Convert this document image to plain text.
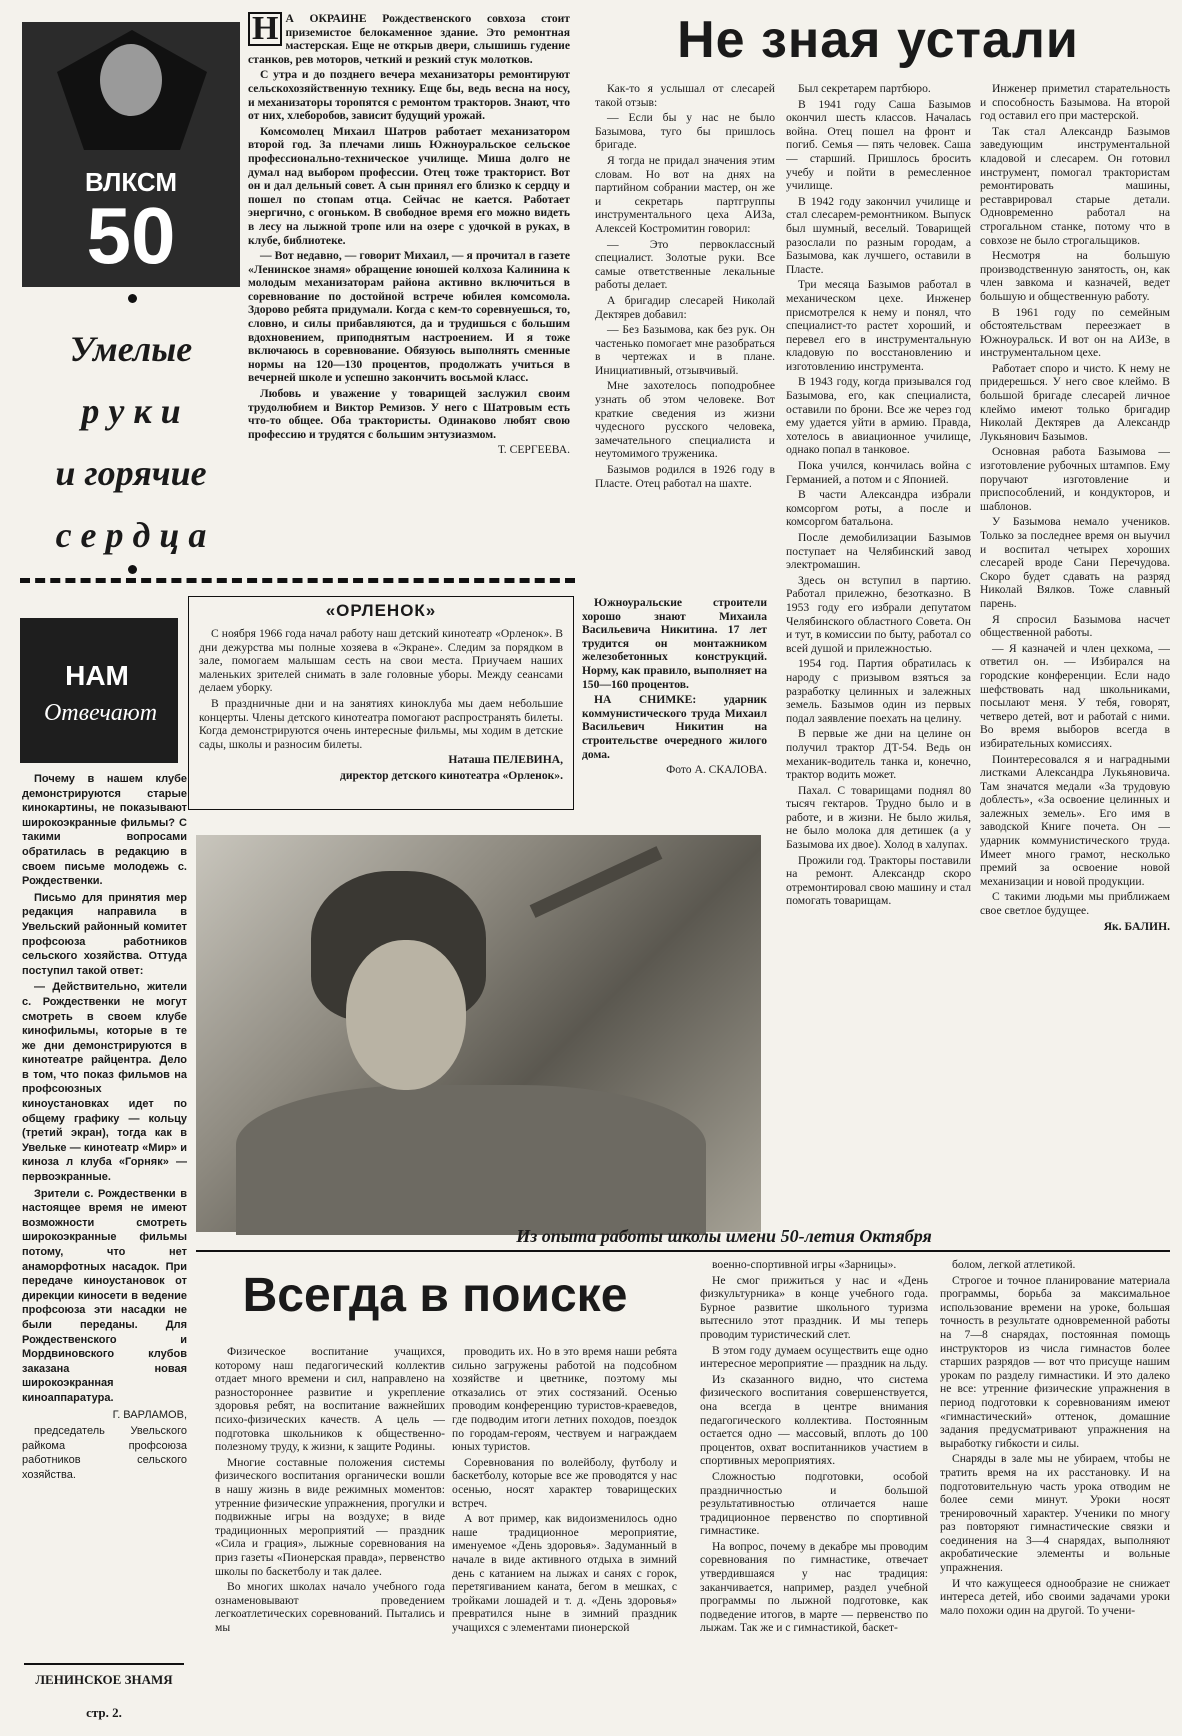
ВЛКСМ
50
Умелые
р у к и
и горячие
с е р д ц а

Н А ОКРАИНЕ Рождественского совхоза стоит приземистое белокаменное здание. Это ремонтная мастерская. Еще не открыв двери, слышишь гудение станков, рев моторов, четкий и резкий стук молотков.

С утра и до позднего вечера механизаторы ремонтируют сельскохозяйственную технику. Еще бы, ведь весна на носу, и механизаторы торопятся с ремонтом тракторов. Знают, что от них, хлеборобов, зависит будущий урожай.

Комсомолец Михаил Шатров работает механизатором второй год. За плечами лишь Южноуральское сельское профессионально-техническое училище. Миша долго не думал над выбором профессии. Отец тоже тракторист. Вот он и дал дельный совет. А сын принял его близко к сердцу и пошел по стопам отца. Сейчас не кается. Работает энергично, с огоньком. В свободное время его можно видеть в лесу на лыжной тропе или на озере с удочкой в руках, в клубе, библиотеке.

— Вот недавно, — говорит Михаил, — я прочитал в газете «Ленинское знамя» обращение юношей колхоза Калинина к молодым механизаторам района активно включиться в соревнование по достойной встрече юбилея комсомола. Здорово ребята придумали. Когда с кем-то соревнуешься, то, словно, и силы прибавляются, да и трудишься с большим вдохновением, приподнятым настроением. И я тоже включаюсь в соревнование. Обязуюсь выполнять сменные нормы на 120—130 процентов, продолжать учиться в вечерней школе и успешно закончить восьмой класс.

Любовь и уважение у товарищей заслужил своим трудолюбием и Виктор Ремизов. У него с Шатровым есть что-то общее. Оба трактористы. Одинаково любят свою профессию и трудятся с большим энтузиазмом.

Т. СЕРГЕЕВА.

Не зная устали

Как-то я услышал от слесарей такой отзыв:

— Если бы у нас не было Базымова, туго бы пришлось бригаде.

Я тогда не придал значения этим словам. Но вот на днях на партийном собрании мастер, он же и секретарь партгруппы инструментального цеха АИЗа, Алексей Костромитин говорил:

— Это первоклассный специалист. Золотые руки. Все самые ответственные лекальные работы делает.

А бригадир слесарей Николай Дектярев добавил:

— Без Базымова, как без рук. Он частенько помогает мне разобраться в чертежах и в плане. Инициативный, отзывчивый.

Мне захотелось поподробнее узнать об этом человеке. Вот краткие сведения из жизни чудесного русского человека, замечательного специалиста и неутомимого труженика.

Базымов родился в 1926 году в Пласте. Отец работал на шахте.

Был секретарем партбюро.

В 1941 году Саша Базымов окончил шесть классов. Началась война. Отец пошел на фронт и погиб. Семья — пять человек. Саша — старший. Пришлось бросить учебу и пойти в ремесленное училище.

В 1942 году закончил училище и стал слесарем-ремонтником. Выпуск был шумный, веселый. Товарищей разослали по разным городам, а Базымова, как лучшего, оставили в Пласте.

Три месяца Базымов работал в механическом цехе. Инженер присмотрелся к нему и понял, что специалист-то растет хороший, и перевел его в инструментальную кладовую по восстановлению и изготовлению инструмента.

В 1943 году, когда призывался год Базымова, его, как специалиста, оставили по брони. Все же через год ему удается уйти в армию. Правда, хотелось в авиационное училище, однако попал в танковое.

Пока учился, кончилась война с Германией, а потом и с Японией.

В части Александра избрали комсоргом роты, а после и комсоргом батальона.

После демобилизации Базымов поступает на Челябинский завод электромашин.

Здесь он вступил в партию. Работал прилежно, безотказно. В 1953 году его избрали депутатом Челябинского областного Совета. Он и тут, в комиссии по быту, работал со всей душой и прилежностью.

1954 год. Партия обратилась к народу с призывом взяться за разработку целинных и залежных земель. Базымов один из первых подал заявление поехать на целину.

В первые же дни на целине он получил трактор ДТ-54. Ведь он механик-водитель танка и, конечно, трактор водить может.

Пахал. С товарищами поднял 80 тысяч гектаров. Трудно было и в работе, и в жизни. Не было жилья, не было молока для детишек (а у Базымова их двое). Холод в халупах.

Прожили год. Тракторы поставили на ремонт. Александр скоро отремонтировал свою машину и стал помогать товарищам.

Инженер приметил старательность и способность Базымова. На второй год оставил его при мастерской.

Так стал Александр Базымов заведующим инструментальной кладовой и слесарем. Он готовил инструмент, помогал трактористам ремонтировать машины, реставрировал старые детали. Одновременно работал на строгальном станке, потому что в совхозе не было строгальщиков.

Несмотря на большую производственную занятость, он, как член завкома и казначей, ведет большую и общественную работу.

В 1961 году по семейным обстоятельствам переезжает в Южноуральск. И вот он на АИЗе, в инструментальном цехе.

Работает споро и чисто. К нему не придерешься. У него свое клеймо. В большой бригаде слесарей личное клеймо имеют только бригадир Николай Дектярев да Александр Лукьянович Базымов.

Основная работа Базымова — изготовление рубочных штампов. Ему поручают изготовление и приспособлений, и кондукторов, и шаблонов.

У Базымова немало учеников. Только за последнее время он выучил и воспитал четырех хороших слесарей вроде Сани Перечудова. Скоро будет сдавать на разряд Николай Вялков. Тоже славный парень.

Я спросил Базымова насчет общественной работы.

— Я казначей и член цехкома, — ответил он. — Избирался на городские конференции. Если надо шефствовать над школьниками, посылают меня. У тебя, говорят, четверо детей, вот и работай с ними. Во время выборов всегда в избирательных комиссиях.

Поинтересовался я и наградными листками Александра Лукьяновича. Там значатся медали «За трудовую доблесть», «За освоение целинных и залежных земель». Его имя в заводской Книге почета. Он — ударник коммунистического труда. Имеет много грамот, несколько премий за освоение новой механизации и новой продукции.

С такими людьми мы приближаем свое светлое будущее.

Як. БАЛИН.

«ОРЛЕНОК»

С ноября 1966 года начал работу наш детский кинотеатр «Орленок». В дни дежурства мы полные хозяева в «Экране». Следим за порядком в зале, помогаем малышам сесть на свои места. Приучаем наших маленьких зрителей снимать в зале головные уборы. Между сеансами делаем уборку.

В праздничные дни и на занятиях киноклуба мы даем небольшие концерты. Члены детского кинотеатра помогают распространять билеты. Когда демонстрируются очень интересные фильмы, мы ходим в детские сады, школы и разносим билеты.

Наташа ПЕЛЕВИНА,

директор детского кинотеатра «Орленок».

Южноуральские строители хорошо знают Михаила Васильевича Никитина. 17 лет трудится он монтажником железобетонных конструкций. Норму, как правило, выполняет на 150—160 процентов.

НА СНИМКЕ: ударник коммунистического труда Михаил Васильевич Никитин на строительстве очередного жилого дома.

Фото А. СКАЛОВА.

НАМ
Отвечают

Почему в нашем клубе демонстрируются старые кинокартины, не показывают широкоэкранные фильмы? С такими вопросами обратилась в редакцию в своем письме молодежь с. Рождественки.

Письмо для принятия мер редакция направила в Увельский районный комитет профсоюза работников сельского хозяйства. Оттуда поступил такой ответ:

— Действительно, жители с. Рождественки не могут смотреть в своем клубе кинофильмы, которые в те же дни демонстрируются в кинотеатре райцентра. Дело в том, что показ фильмов на профсоюзных киноустановках идет по общему графику — кольцу (третий экран), тогда как в Увельке — кинотеатр «Мир» и киноза л клуба «Горняк» — первоэкранные.

Зрители с. Рождественки в настоящее время не имеют возможности смотреть широкоэкранные фильмы потому, что нет анаморфотных насадок. При передаче киноустановок от дирекции киносети в ведение профсоюза эти насадки не были переданы. Для Рождественского и Мордвиновского клубов заказана новая широкоэкранная киноаппаратура.

Г. ВАРЛАМОВ,

председатель Увельского райкома профсоюза работников сельского хозяйства.

ЛЕНИНСКОЕ ЗНАМЯ
стр. 2.
Из опыта работы школы имени 50-летия Октября
Всегда в поиске

Физическое воспитание учащихся, которому наш педагогический коллектив отдает много времени и сил, направлено на разностороннее развитие и укрепление здоровья ребят, на воспитание важнейших психо-физических качеств. А цель — подготовка школьников к общественно-полезному труду, к жизни, к защите Родины.

Многие составные положения системы физического воспитания органически вошли в нашу жизнь в виде режимных моментов: утренние физические упражнения, прогулки и подвижные игры на воздухе; в виде традиционных мероприятий — праздник «Сила и грация», лыжные соревнования на приз газеты «Пионерская правда», первенство школы по баскетболу и так далее.

Во многих школах начало учебного года ознаменовывают проведением легкоатлетических соревнований. Пытались и мы

проводить их. Но в это время наши ребята сильно загружены работой на подсобном хозяйстве и цветнике, поэтому мы отказались от этих состязаний. Осенью проводим конференцию туристов-краеведов, где подводим итоги летних походов, поездок по городам-героям, чествуем и награждаем юных туристов.

Соревнования по волейболу, футболу и баскетболу, которые все же проводятся у нас осенью, носят характер товарищеских встреч.

А вот пример, как видоизменилось одно наше традиционное мероприятие, именуемое «День здоровья». Задуманный в начале в виде активного отдыха в зимний день с катанием на лыжах и санях с горок, перетягиванием каната, бегом в мешках, с тройками лошадей и т. д. «День здоровья» превратился ныне в зимний праздник учащихся с элементами пионерской

военно-спортивной игры «Зарницы».

Не смог прижиться у нас и «День физкультурника» в конце учебного года. Бурное развитие школьного туризма вытеснило этот праздник. И мы теперь проводим туристический слет.

В этом году думаем осуществить еще одно интересное мероприятие — праздник на льду.

Из сказанного видно, что система физического воспитания совершенствуется, она всегда в центре внимания педагогического коллектива. Постоянным остается одно — массовый, вплоть до 100 процентов, охват воспитанников участием в спортивных мероприятиях.

Сложностью подготовки, особой праздничностью и большой результативностью отличается наше традиционное первенство по спортивной гимнастике.

На вопрос, почему в декабре мы проводим соревнования по гимнастике, отвечает утвердившаяся у нас традиция: заканчивается, например, раздел учебной программы по лыжной подготовке, как подведение итогов, в марте — первенство по лыжам. Так же и с гимнастикой, баскет-

болом, легкой атлетикой.

Строгое и точное планирование материала программы, борьба за максимальное использование времени на уроке, большая точность в результате одновременной работы на 7—8 снарядах, постоянная помощь инструкторов из числа гимнастов более старших разрядов — вот что присуще нашим урокам по разделу гимнастики. И это далеко не все: утренние физические упражнения в период подготовки к соревнованиям имеют «гимнастический» оттенок, домашние задания предусматривают упражнения на выработку гибкости и силы.

Снаряды в зале мы не убираем, чтобы не тратить время на их расстановку. И на подготовительную часть урока отводим не более семи минут. Уроки носят тренировочный характер. Ученики по многу раз повторяют гимнастические связки и соединения на 3—4 снарядах, выполняют акробатические элементы и вольные упражнения.

И что кажущееся однообразие не снижает интереса детей, ибо своими задачами уроки мало похожи один на другой. То учени-
